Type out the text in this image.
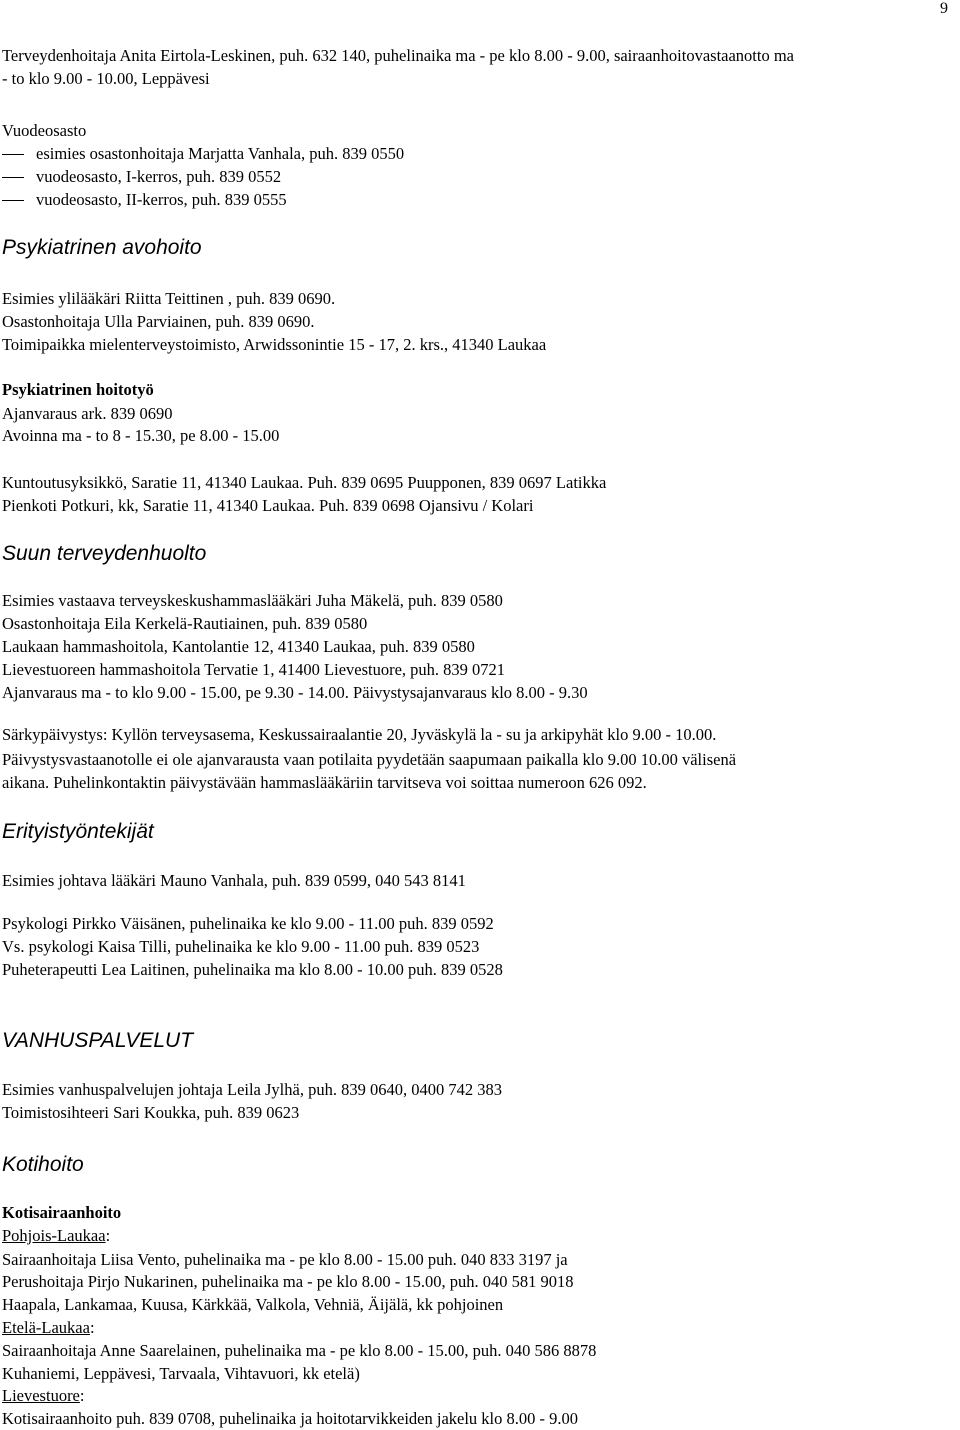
9
Terveydenhoitaja Anita Eirtola-Leskinen, puh. 632 140, puhelinaika ma - pe klo 8.00 - 9.00, sairaanhoitovastaanotto ma
- to klo 9.00 - 10.00, Leppävesi
Vuodeosasto
esimies osastonhoitaja Marjatta Vanhala, puh. 839 0550
vuodeosasto, I-kerros, puh. 839 0552
vuodeosasto, II-kerros, puh. 839 0555
Psykiatrinen avohoito
Esimies ylilääkäri Riitta Teittinen , puh. 839 0690.
Osastonhoitaja Ulla Parviainen, puh. 839 0690.
Toimipaikka mielenterveystoimisto, Arwidssonintie 15 - 17, 2. krs., 41340 Laukaa
Psykiatrinen hoitotyö
Ajanvaraus ark. 839 0690
Avoinna ma - to 8 - 15.30, pe 8.00 - 15.00
Kuntoutusyksikkö, Saratie 11, 41340 Laukaa. Puh. 839 0695 Puupponen, 839 0697 Latikka
Pienkoti Potkuri, kk, Saratie 11, 41340 Laukaa. Puh. 839 0698 Ojansivu / Kolari
Suun terveydenhuolto
Esimies vastaava terveyskeskushammaslääkäri Juha Mäkelä, puh. 839 0580
Osastonhoitaja Eila Kerkelä-Rautiainen, puh. 839 0580
Laukaan hammashoitola, Kantolantie 12, 41340 Laukaa, puh. 839 0580
Lievestuoreen hammashoitola Tervatie 1, 41400 Lievestuore, puh. 839 0721
Ajanvaraus ma - to klo 9.00 - 15.00, pe 9.30 - 14.00. Päivystysajanvaraus klo 8.00 - 9.30
Särkypäivystys: Kyllön terveysasema, Keskussairaalantie 20, Jyväskylä la - su ja arkipyhät klo 9.00 - 10.00.
Päivystysvastaanotolle ei ole ajanvarausta vaan potilaita pyydetään saapumaan paikalla klo 9.00 10.00 välisenä
aikana. Puhelinkontaktin päivystävään hammaslääkäriin tarvitseva voi soittaa numeroon 626 092.
Erityistyöntekijät
Esimies johtava lääkäri Mauno Vanhala, puh. 839 0599, 040 543 8141
Psykologi Pirkko Väisänen, puhelinaika ke klo 9.00 - 11.00 puh. 839 0592
Vs. psykologi Kaisa Tilli, puhelinaika ke klo 9.00 - 11.00 puh. 839 0523
Puheterapeutti Lea Laitinen, puhelinaika ma klo 8.00 - 10.00 puh. 839 0528
VANHUSPALVELUT
Esimies vanhuspalvelujen johtaja Leila Jylhä, puh. 839 0640, 0400 742 383
Toimistosihteeri Sari Koukka, puh. 839 0623
Kotihoito
Kotisairaanhoito
Pohjois-Laukaa:
Sairaanhoitaja Liisa Vento, puhelinaika ma - pe klo 8.00 - 15.00 puh. 040 833 3197 ja
Perushoitaja Pirjo Nukarinen, puhelinaika ma - pe klo 8.00 - 15.00, puh. 040 581 9018
Haapala, Lankamaa, Kuusa, Kärkkää, Valkola, Vehniä, Äijälä, kk pohjoinen
Etelä-Laukaa:
Sairaanhoitaja Anne Saarelainen, puhelinaika ma - pe klo 8.00 - 15.00, puh. 040 586 8878
Kuhaniemi, Leppävesi, Tarvaala, Vihtavuori, kk etelä)
Lievestuore:
Kotisairaanhoito puh. 839 0708, puhelinaika ja hoitotarvikkeiden jakelu klo 8.00 - 9.00
